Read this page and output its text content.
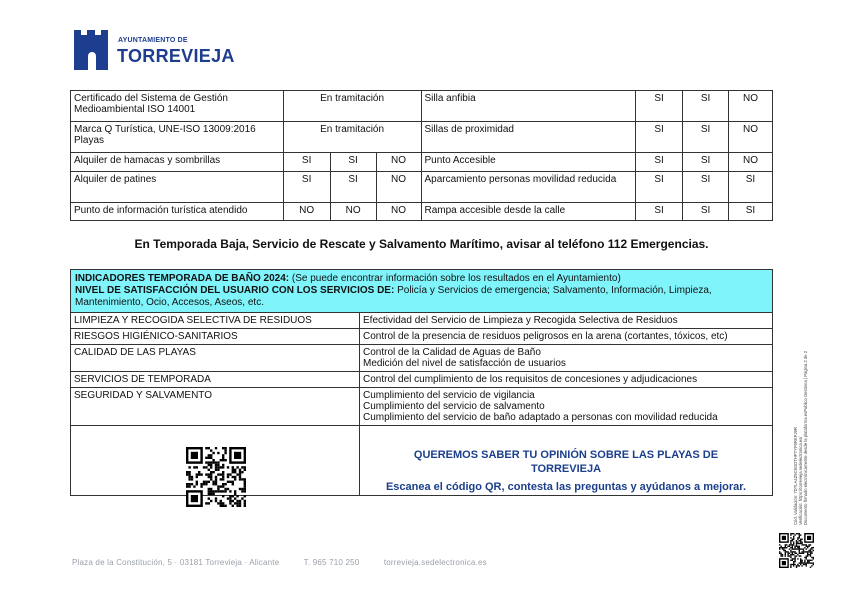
AYUNTAMIENTO DE
TORREVIEJA
Certificado del Sistema de Gestión Medioambiental ISO 14001	En tramitación			Silla anfibia	SI	SI	NO
Marca Q Turística, UNE-ISO 13009:2016 Playas	En tramitación			Sillas de proximidad	SI	SI	NO
Alquiler de hamacas y sombrillas	SI	SI	NO	Punto Accesible	SI	SI	NO
Alquiler de patines	SI	SI	NO	Aparcamiento personas movilidad reducida	SI	SI	SI
Punto de información turística atendido	NO	NO	NO	Rampa accesible desde la calle	SI	SI	SI
En Temporada Baja, Servicio de Rescate y Salvamento Marítimo, avisar al teléfono 112 Emergencias.
INDICADORES TEMPORADA DE BAÑO 2024: (Se puede encontrar información sobre los resultados en el Ayuntamiento)
NIVEL DE SATISFACCIÓN DEL USUARIO CON LOS SERVICIOS DE: Policía y Servicios de emergencia; Salvamento, Información, Limpieza, Mantenimiento, Ocio, Accesos, Aseos, etc.	

LIMPIEZA Y RECOGIDA SELECTIVA DE RESIDUOS	Efectividad del Servicio de Limpieza y Recogida Selectiva de Residuos
RIESGOS HIGIÉNICO-SANITARIOS	Control de la presencia de residuos peligrosos en la arena (cortantes, tóxicos, etc)
CALIDAD DE LAS PLAYAS	Control de la Calidad de Aguas de Baño
Medición del nivel de satisfacción de usuarios

SERVICIOS DE TEMPORADA	Control del cumplimiento de los requisitos de concesiones y adjudicaciones
SEGURIDAD Y SALVAMENTO	Cumplimiento del servicio de vigilancia
Cumplimiento del servicio de salvamento
Cumplimiento del servicio de baño adaptado a personas con movilidad reducida

QUEREMOS SABER TU OPINIÓN SOBRE LAS PLAYAS DE
TORREVIEJA
Escanea el código QR, contesta las preguntas y ayúdanos a mejorar.
Plaza de la Constitución, 5 · 03181 Torrevieja · Alicante	T. 965 710 250	torrevieja.sedelectronica.es
Cód. Validación: 7DTLA4Z9C9GDTHPTYF9RKPJ9R Verificación: https://torrevieja.sedelectronica.es/ Documento firmado electrónicamente desde la plataforma esPublico Gestiona | Página 2 de 2
